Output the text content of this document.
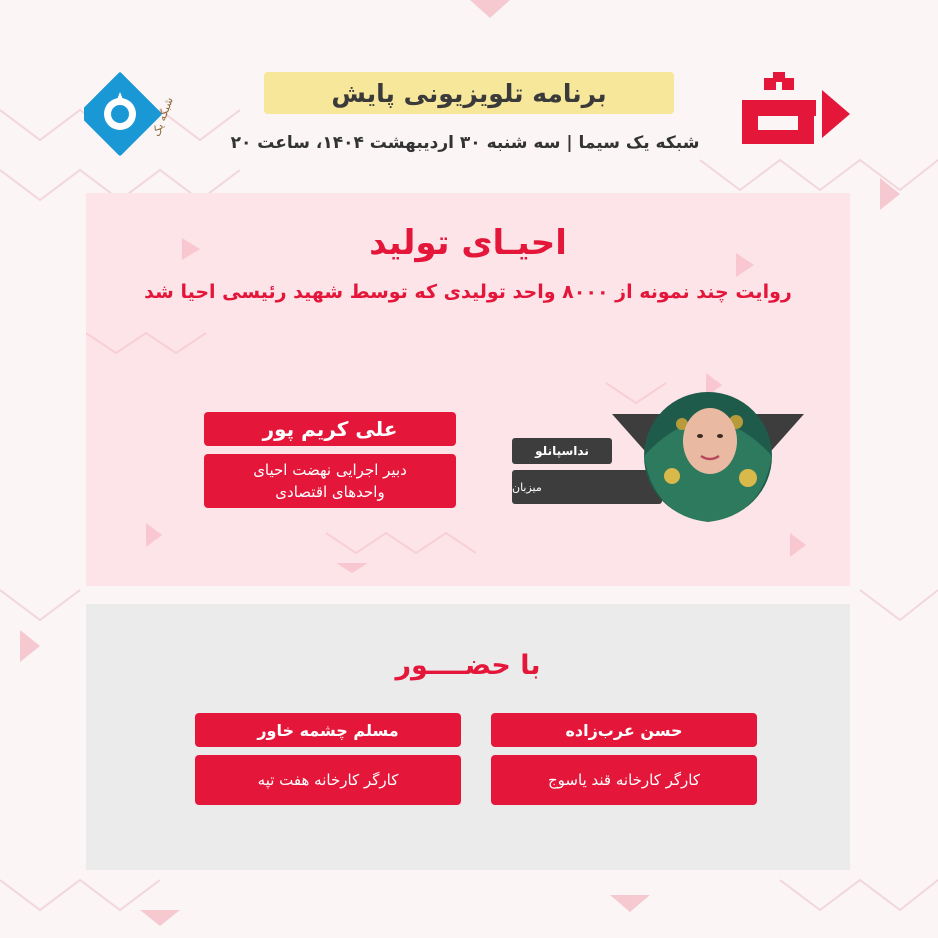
برنامه تلویزیونی پایش
شبکه یک سیما | سه شنبه ۳۰ اردیبهشت ۱۴۰۴، ساعت ۲۰
شبکه یک
احیـای تولید
روایت چند نمونه از ۸۰۰۰ واحد تولیدی که توسط شهید رئیسی احیا شد
علی کریم پور
دبیر اجرایی نهضت احیای
واحدهای اقتصادی
نداسپانلو
میزبان
با حضــــور
حسن عرب‌زاده
کارگر کارخانه قند یاسوج
مسلم چشمه خاور
کارگر کارخانه هفت تپه
